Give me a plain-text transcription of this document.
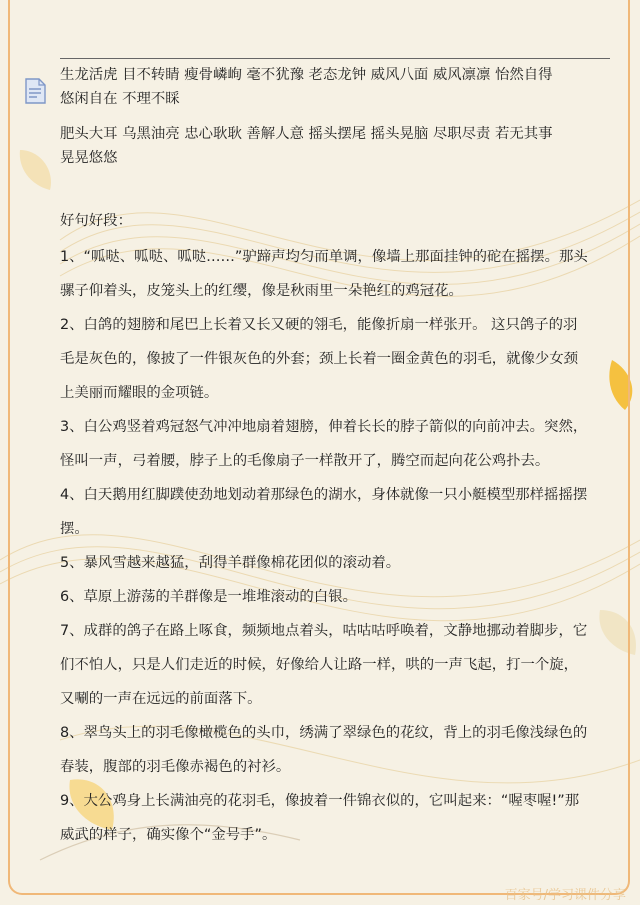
生龙活虎 目不转睛 瘦骨嶙峋 毫不犹豫 老态龙钟 威风八面 威风凛凛 怡然自得

悠闲自在 不理不睬

肥头大耳 乌黑油亮 忠心耿耿 善解人意 摇头摆尾 摇头晃脑 尽职尽责 若无其事

晃晃悠悠

好句好段：

1、“呱哒、呱哒、呱哒……”驴蹄声均匀而单调，像墙上那面挂钟的砣在摇摆。那头
骡子仰着头，皮笼头上的红缨，像是秋雨里一朵艳红的鸡冠花。

2、白鸽的翅膀和尾巴上长着又长又硬的翎毛，能像折扇一样张开。 这只鸽子的羽
毛是灰色的，像披了一件银灰色的外套；颈上长着一圈金黄色的羽毛，就像少女颈
上美丽而耀眼的金项链。

3、白公鸡竖着鸡冠怒气冲冲地扇着翅膀，伸着长长的脖子箭似的向前冲去。突然，
怪叫一声，弓着腰，脖子上的毛像扇子一样散开了，腾空而起向花公鸡扑去。

4、白天鹅用红脚蹼使劲地划动着那绿色的湖水，身体就像一只小艇模型那样摇摇摆
摆。

5、暴风雪越来越猛，刮得羊群像棉花团似的滚动着。

6、草原上游荡的羊群像是一堆堆滚动的白银。

7、成群的鸽子在路上啄食，频频地点着头，咕咕咕呼唤着，文静地挪动着脚步，它
们不怕人，只是人们走近的时候，好像给人让路一样，哄的一声飞起，打一个旋，
又唰的一声在远远的前面落下。

8、翠鸟头上的羽毛像橄榄色的头巾，绣满了翠绿色的花纹，背上的羽毛像浅绿色的
春装，腹部的羽毛像赤褐色的衬衫。

9、大公鸡身上长满油亮的花羽毛，像披着一件锦衣似的，它叫起来：“喔枣喔!”那
威武的样子，确实像个“金号手”。

百家号/学习课件分享
